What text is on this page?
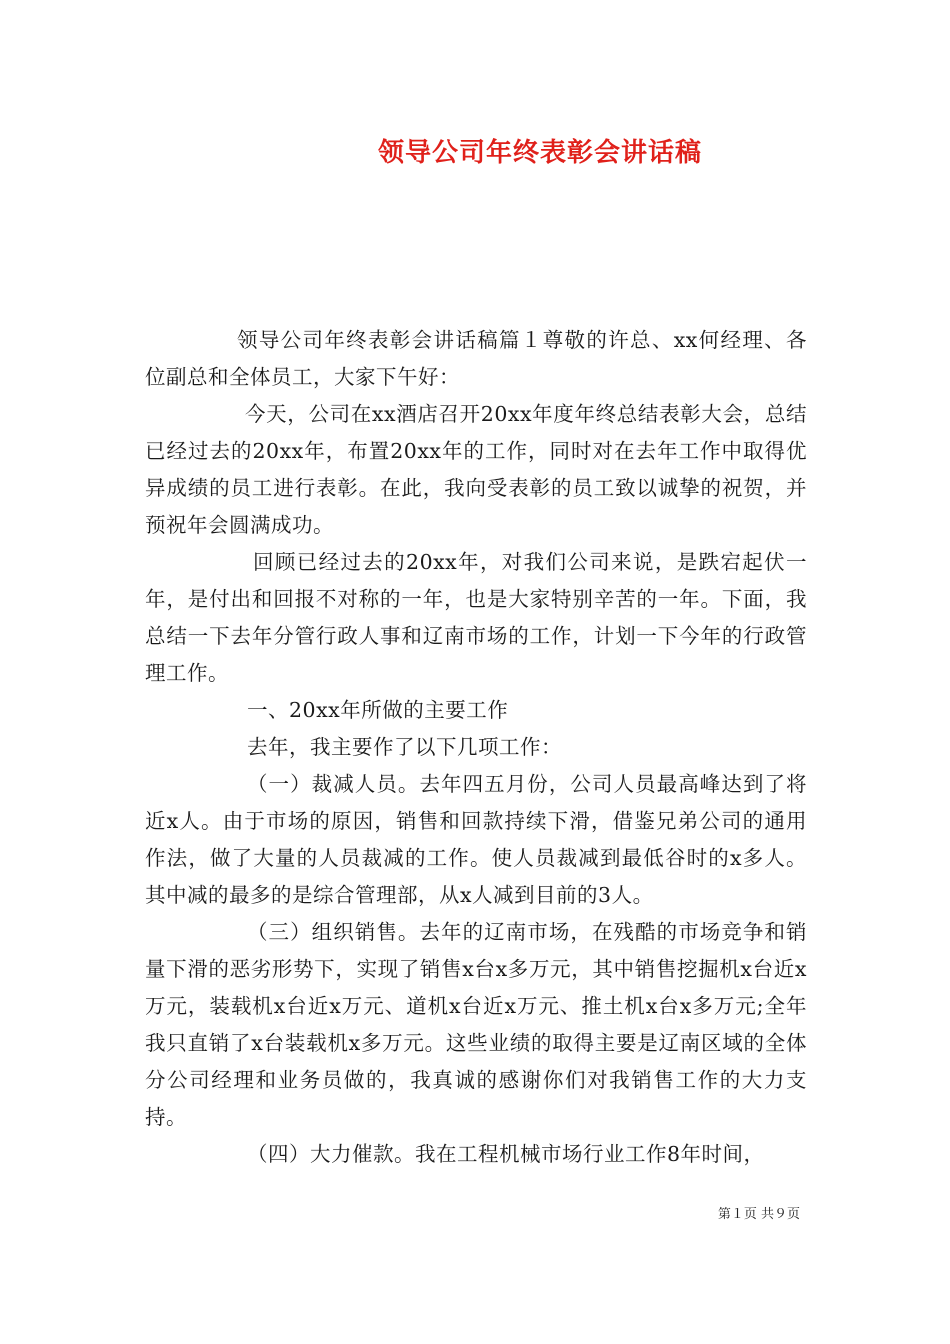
领导公司年终表彰会讲话稿

领导公司年终表彰会讲话稿篇１尊敬的许总、xx何经理、各位副总和全体员工，大家下午好：

今天，公司在xx酒店召开20xx年度年终总结表彰大会，总结已经过去的20xx年，布置20xx年的工作，同时对在去年工作中取得优异成绩的员工进行表彰。在此，我向受表彰的员工致以诚挚的祝贺，并预祝年会圆满成功。

回顾已经过去的20xx年，对我们公司来说，是跌宕起伏一年，是付出和回报不对称的一年，也是大家特别辛苦的一年。下面，我总结一下去年分管行政人事和辽南市场的工作，计划一下今年的行政管理工作。

一、20xx年所做的主要工作

去年，我主要作了以下几项工作：

（一）裁减人员。去年四五月份，公司人员最高峰达到了将近x人。由于市场的原因，销售和回款持续下滑，借鉴兄弟公司的通用作法，做了大量的人员裁减的工作。使人员裁减到最低谷时的x多人。其中减的最多的是综合管理部，从x人减到目前的3人。

（三）组织销售。去年的辽南市场，在残酷的市场竞争和销量下滑的恶劣形势下，实现了销售x台x多万元，其中销售挖掘机x台近x万元，装载机x台近x万元、道机x台近x万元、推土机x台x多万元;全年我只直销了x台装载机x多万元。这些业绩的取得主要是辽南区域的全体分公司经理和业务员做的，我真诚的感谢你们对我销售工作的大力支持。

（四）大力催款。我在工程机械市场行业工作8年时间，

第１页 共９页
